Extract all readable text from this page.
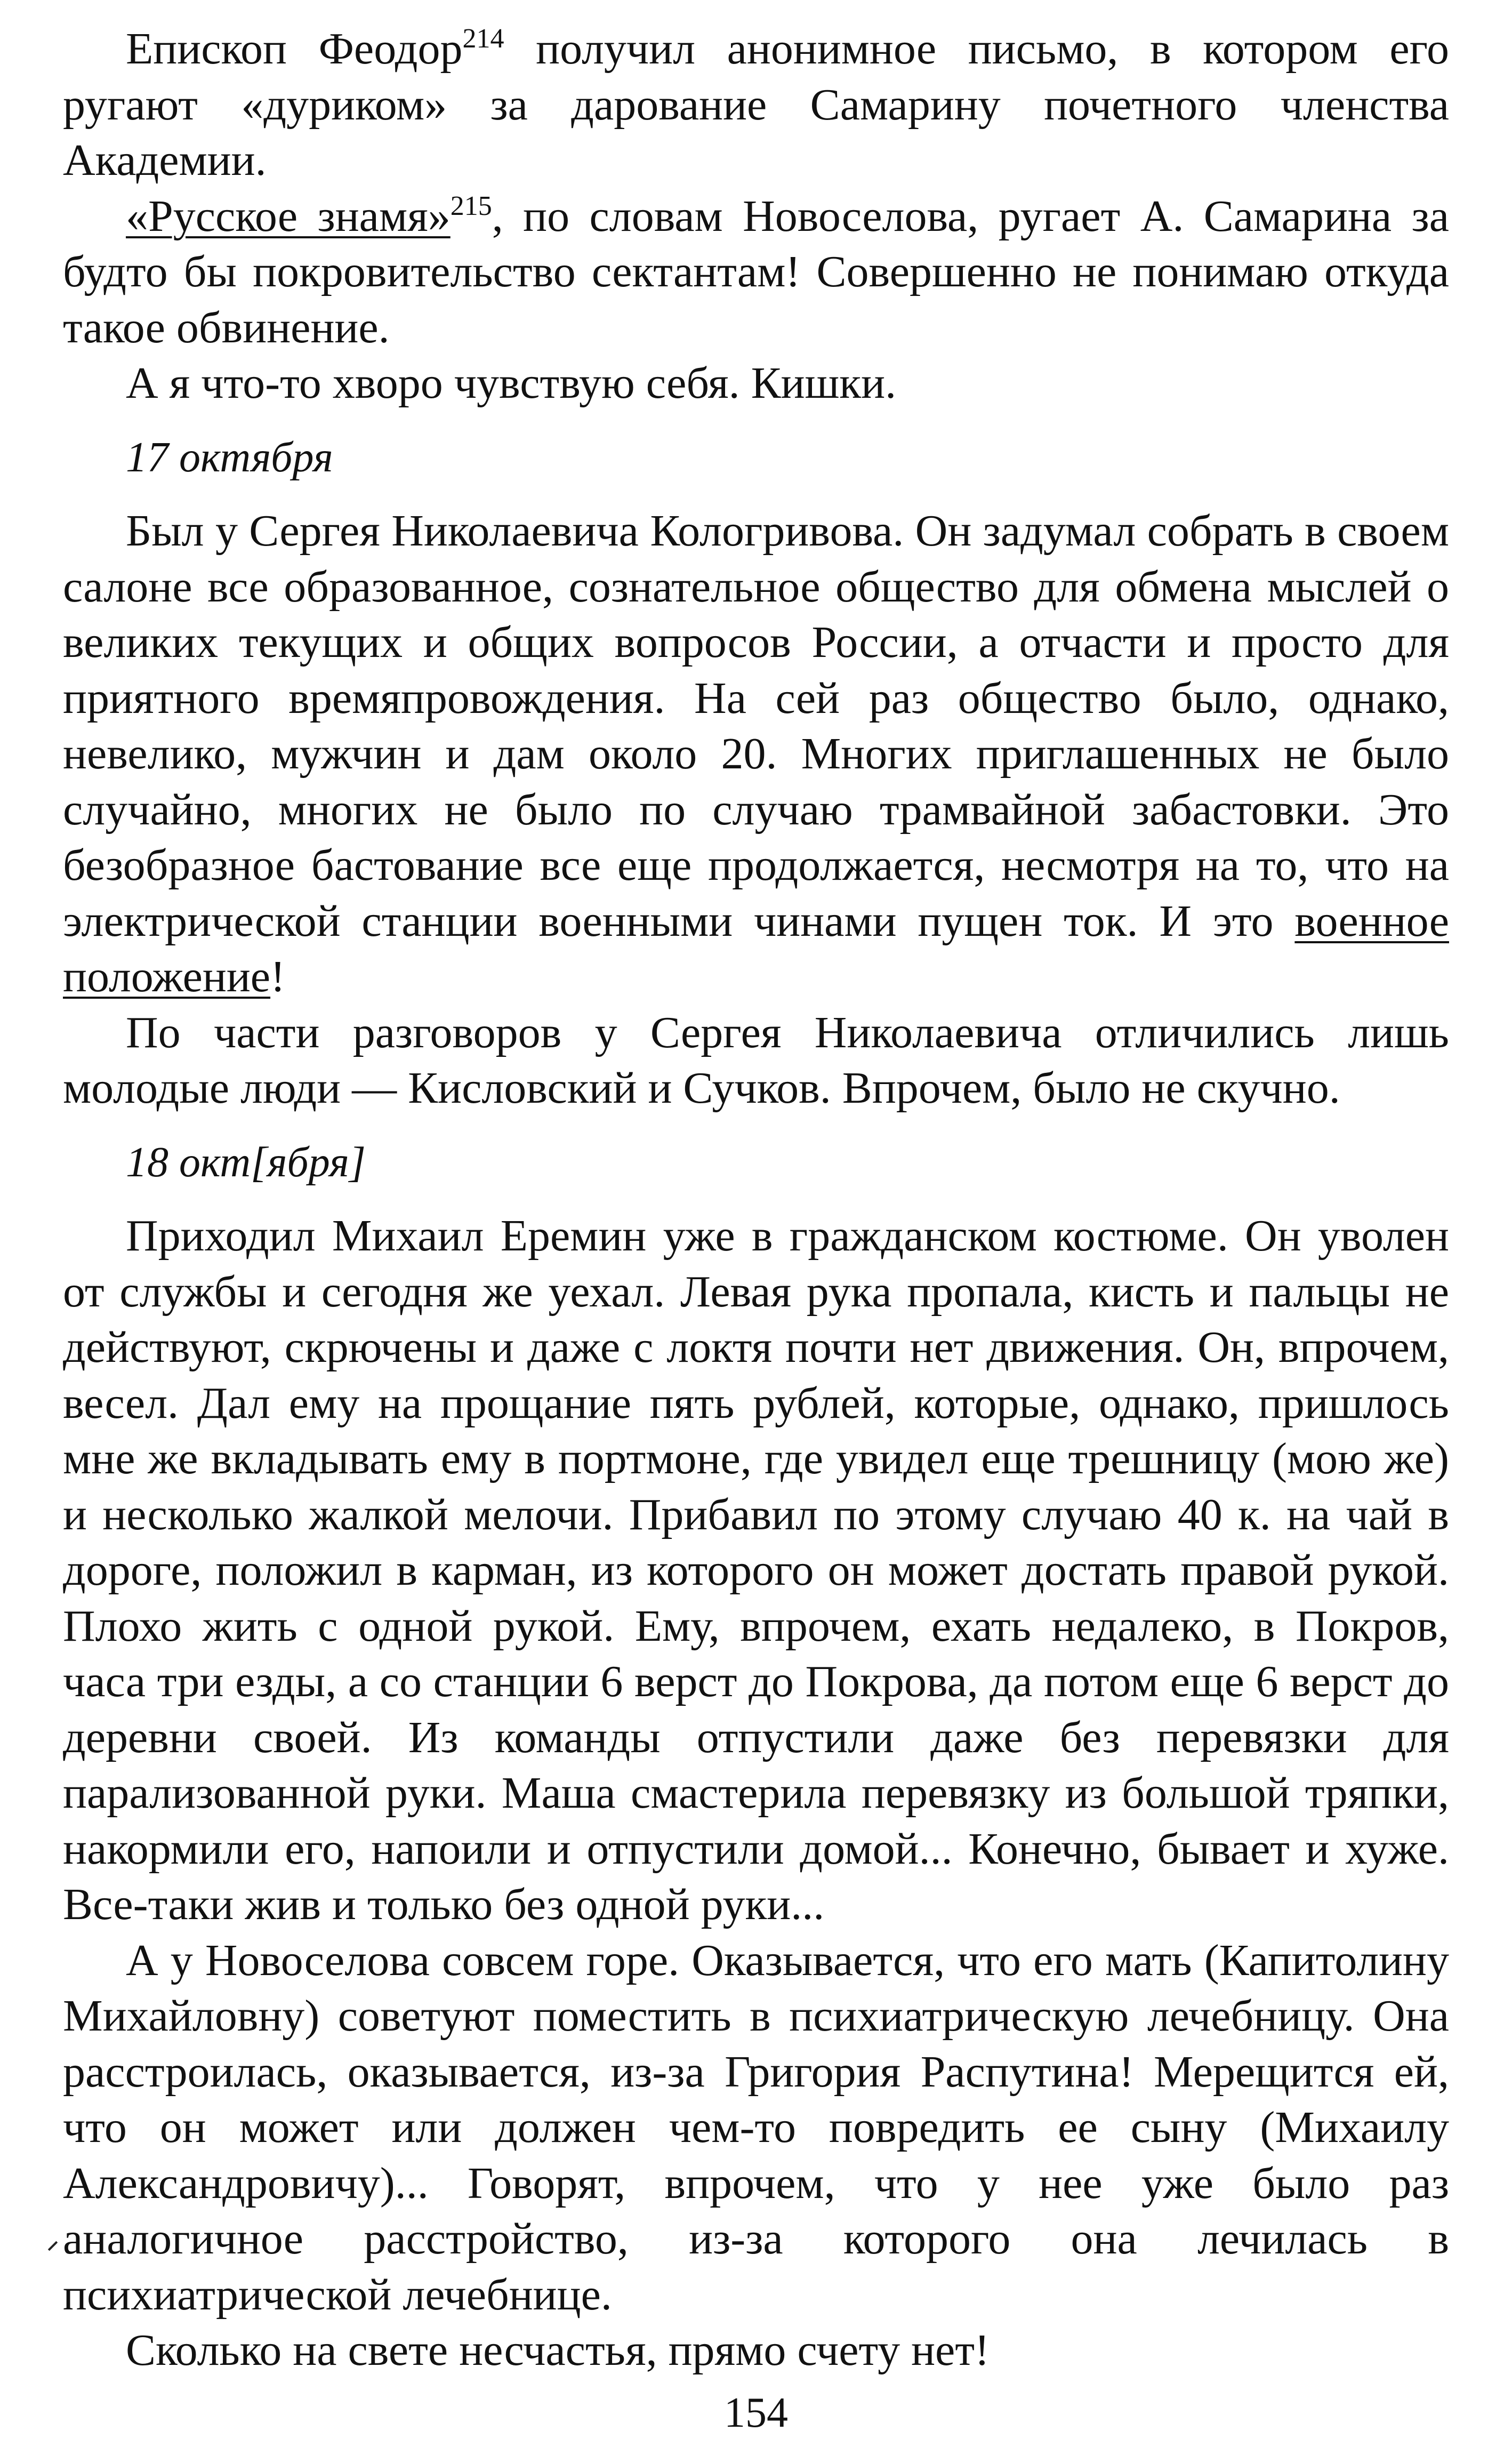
Епископ Феодор$^{214}$ получил анонимное письмо, в котором его ругают «дуриком» за дарование Самарину почетного членства Академии.

«Русское знамя»$^{215}$, по словам Новоселова, ругает А. Самарина за будто бы покровительство сектантам! Совершенно не понимаю откуда такое обвинение.

А я что-то хворо чувствую себя. Кишки.

17 октября

Был у Сергея Николаевича Кологривова. Он задумал собрать в своем салоне все образованное, сознательное общество для обмена мыслей о великих текущих и общих вопросов России, а отчасти и просто для приятного времяпровождения. На сей раз общество было, однако, невелико, мужчин и дам около 20. Многих приглашенных не было случайно, многих не было по случаю трамвайной забастовки. Это безобразное бастование все еще продолжается, несмотря на то, что на электрической станции военными чинами пущен ток. И это военное положение!

По части разговоров у Сергея Николаевича отличились лишь молодые люди — Кисловский и Сучков. Впрочем, было не скучно.

18 окт[ября]

Приходил Михаил Еремин уже в гражданском костюме. Он уволен от службы и сегодня же уехал. Левая рука пропала, кисть и пальцы не действуют, скрючены и даже с локтя почти нет движения. Он, впрочем, весел. Дал ему на прощание пять рублей, которые, однако, пришлось мне же вкладывать ему в портмоне, где увидел еще трешницу (мою же) и несколько жалкой мелочи. Прибавил по этому случаю 40 к. на чай в дороге, положил в карман, из которого он может достать правой рукой. Плохо жить с одной рукой. Ему, впрочем, ехать недалеко, в Покров, часа три езды, а со станции 6 верст до Покрова, да потом еще 6 верст до деревни своей. Из команды отпустили даже без перевязки для парализованной руки. Маша смастерила перевязку из большой тряпки, накормили его, напоили и отпустили домой... Конечно, бывает и хуже. Все-таки жив и только без одной руки...

А у Новоселова совсем горе. Оказывается, что его мать (Капитолину Михайловну) советуют поместить в психиатрическую лечебницу. Она расстроилась, оказывается, из-за Григория Распутина! Мерещится ей, что он может или должен чем-то повредить ее сыну (Михаилу Александровичу)... Говорят, впрочем, что у нее уже было раз аналогичное расстройство, из-за которого она лечилась в психиатрической лечебнице.

Сколько на свете несчастья, прямо счету нет!

154
